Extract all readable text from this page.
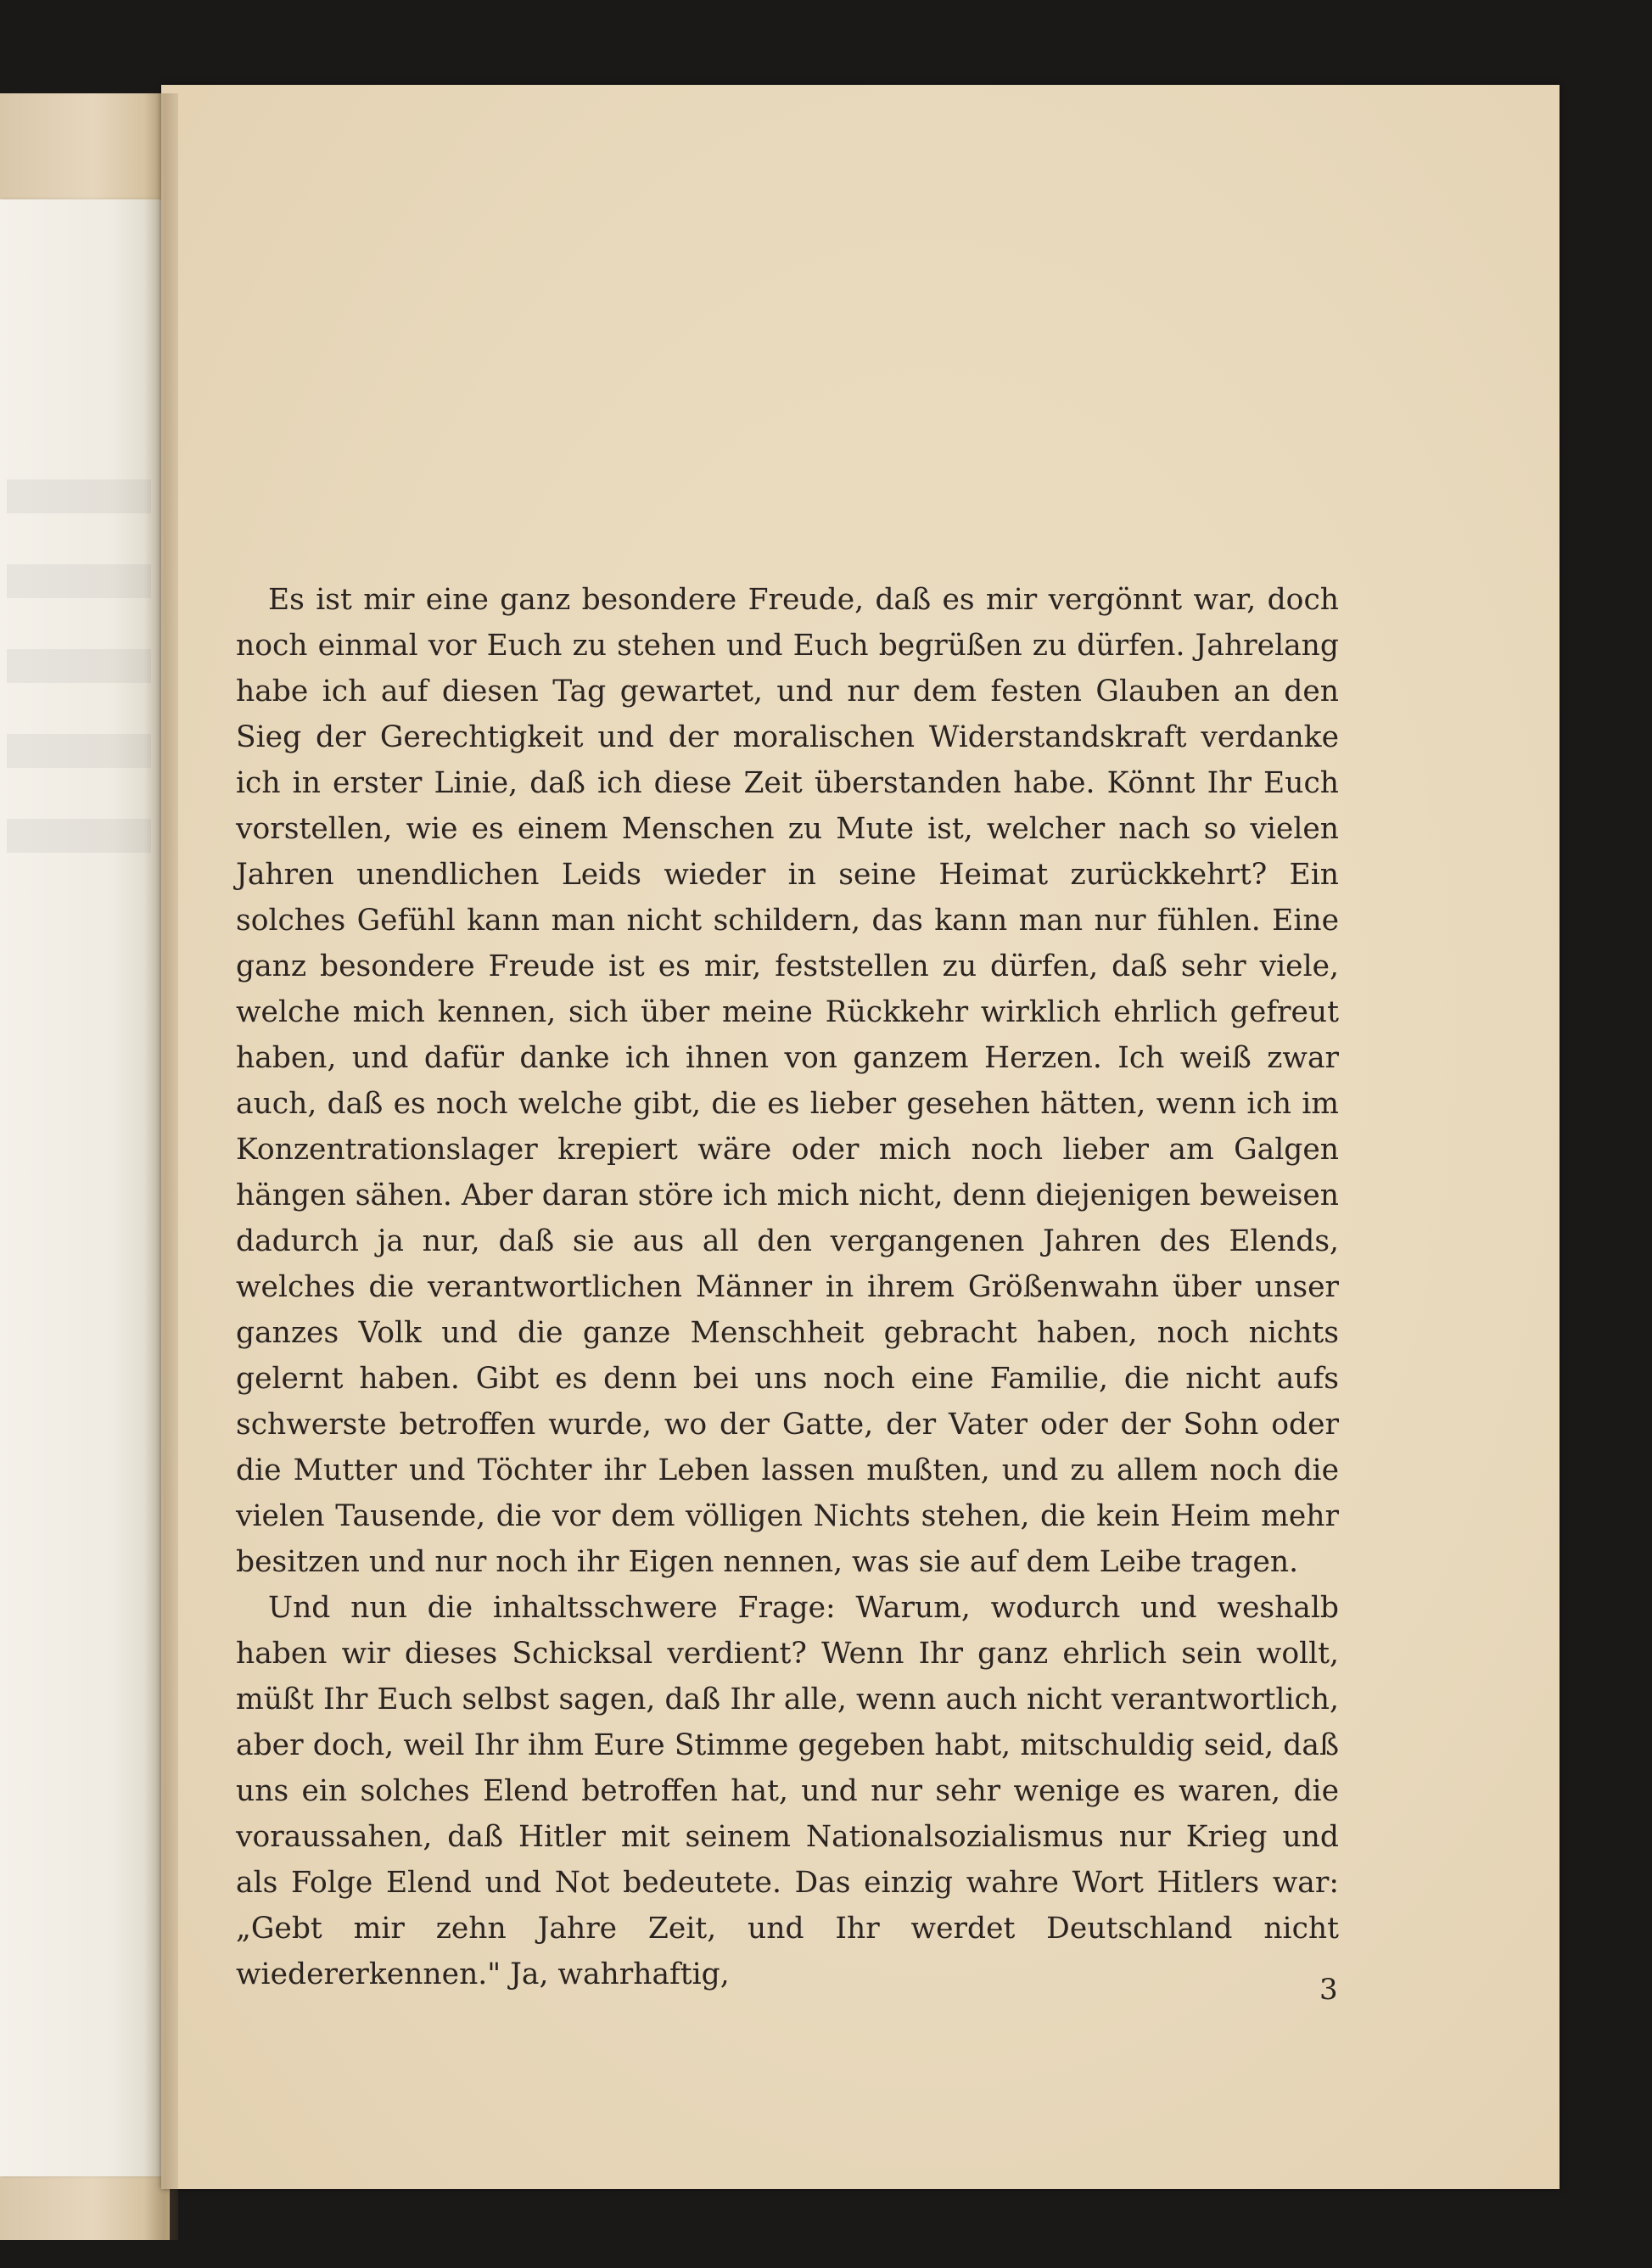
Es ist mir eine ganz besondere Freude, daß es mir vergönnt war, doch noch einmal vor Euch zu stehen und Euch begrüßen zu dürfen. Jahrelang habe ich auf diesen Tag gewartet, und nur dem festen Glauben an den Sieg der Gerechtigkeit und der moralischen Widerstandskraft verdanke ich in erster Linie, daß ich diese Zeit überstanden habe. Könnt Ihr Euch vorstellen, wie es einem Menschen zu Mute ist, welcher nach so vielen Jahren unendlichen Leids wieder in seine Heimat zurückkehrt? Ein solches Gefühl kann man nicht schildern, das kann man nur fühlen. Eine ganz besondere Freude ist es mir, feststellen zu dürfen, daß sehr viele, welche mich kennen, sich über meine Rückkehr wirklich ehrlich gefreut haben, und dafür danke ich ihnen von ganzem Herzen. Ich weiß zwar auch, daß es noch welche gibt, die es lieber gesehen hätten, wenn ich im Konzentrationslager krepiert wäre oder mich noch lieber am Galgen hängen sähen. Aber daran störe ich mich nicht, denn diejenigen beweisen dadurch ja nur, daß sie aus all den vergangenen Jahren des Elends, welches die verantwortlichen Männer in ihrem Größenwahn über unser ganzes Volk und die ganze Menschheit gebracht haben, noch nichts gelernt haben. Gibt es denn bei uns noch eine Familie, die nicht aufs schwerste betroffen wurde, wo der Gatte, der Vater oder der Sohn oder die Mutter und Töchter ihr Leben lassen mußten, und zu allem noch die vielen Tausende, die vor dem völligen Nichts stehen, die kein Heim mehr besitzen und nur noch ihr Eigen nennen, was sie auf dem Leibe tragen.

Und nun die inhaltsschwere Frage: Warum, wodurch und weshalb haben wir dieses Schicksal verdient? Wenn Ihr ganz ehrlich sein wollt, müßt Ihr Euch selbst sagen, daß Ihr alle, wenn auch nicht verantwortlich, aber doch, weil Ihr ihm Eure Stimme gegeben habt, mitschuldig seid, daß uns ein solches Elend betroffen hat, und nur sehr wenige es waren, die voraussahen, daß Hitler mit seinem Nationalsozialismus nur Krieg und als Folge Elend und Not bedeutete. Das einzig wahre Wort Hitlers war: „Gebt mir zehn Jahre Zeit, und Ihr werdet Deutschland nicht wiedererkennen." Ja, wahrhaftig,	3
